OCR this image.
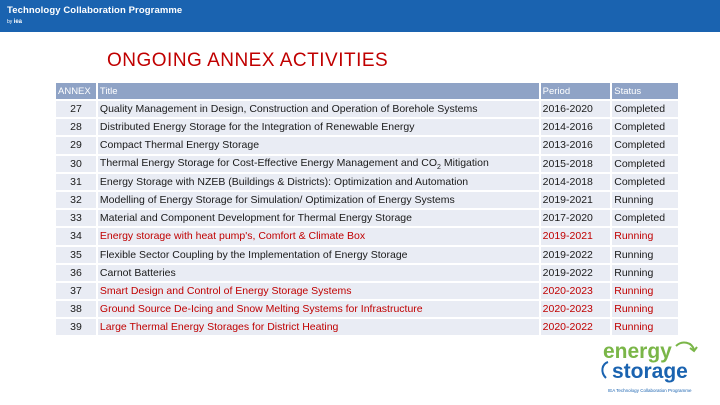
Technology Collaboration Programme
by iea
ONGOING ANNEX ACTIVITIES
ANNEX	Title	Period	Status
27	Quality Management in Design, Construction and Operation of Borehole Systems	2016-2020	Completed
28	Distributed Energy Storage for the Integration of Renewable Energy	2014-2016	Completed
29	Compact Thermal Energy Storage	2013-2016	Completed
30	Thermal Energy Storage for Cost-Effective Energy Management and $CO_2$ Mitigation	2015-2018	Completed
31	Energy Storage with NZEB (Buildings & Districts): Optimization and Automation	2014-2018	Completed
32	Modelling of Energy Storage for Simulation/ Optimization of Energy Systems	2019-2021	Running
33	Material and Component Development for Thermal Energy Storage	2017-2020	Completed
34	Energy storage with heat pump's, Comfort & Climate Box	2019-2021	Running
35	Flexible Sector Coupling by the Implementation of Energy Storage	2019-2022	Running
36	Carnot Batteries	2019-2022	Running
37	Smart Design and Control of Energy Storage Systems	2020-2023	Running
38	Ground Source De-Icing and Snow Melting Systems for Infrastructure	2020-2023	Running
39	Large Thermal Energy Storages for District Heating	2020-2022	Running
energy
storage
IEA Technology Collaboration Programme
